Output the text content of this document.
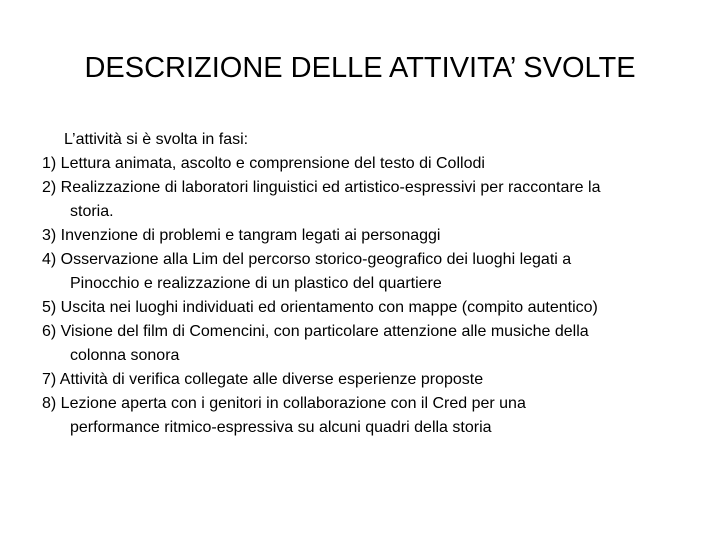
DESCRIZIONE DELLE ATTIVITA’ SVOLTE
L’attività si è svolta in fasi:
1) Lettura animata, ascolto e comprensione del testo di Collodi
2) Realizzazione di laboratori linguistici ed artistico-espressivi per raccontare la
storia.
3) Invenzione di problemi e tangram legati ai personaggi
4) Osservazione alla Lim del percorso storico-geografico dei luoghi legati a
Pinocchio e realizzazione di un plastico del quartiere
5) Uscita nei luoghi individuati ed orientamento con mappe (compito autentico)
6) Visione del film di Comencini, con particolare attenzione alle musiche della
colonna sonora
7) Attività di verifica collegate alle diverse esperienze proposte
8) Lezione aperta con i genitori in collaborazione con il Cred per una
performance ritmico-espressiva su alcuni quadri della storia
